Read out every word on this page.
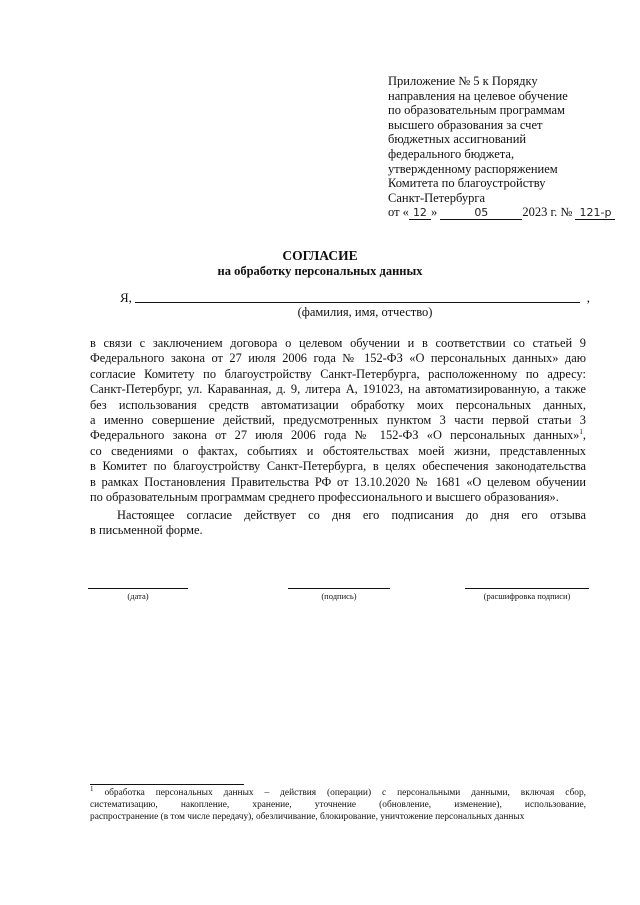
Приложение № 5 к Порядку
направления на целевое обучение
по образовательным программам
высшего образования за счет
бюджетных ассигнований
федерального бюджета,
утвержденному распоряжением
Комитета по благоустройству
Санкт-Петербурга
от « 12 »	05	2023 г. № 121-р
СОГЛАСИЕ
на обработку персональных данных
Я,	,
(фамилия, имя, отчество)
в связи с заключением договора о целевом обучении и в соответствии со статьей 9
Федерального закона от 27 июля 2006 года № 152-ФЗ «О персональных данных» даю
согласие Комитету по благоустройству Санкт-Петербурга, расположенному по адресу:
Санкт-Петербург, ул. Караванная, д. 9, литера А, 191023, на автоматизированную, а также
без использования средств автоматизации обработку моих персональных данных,
а именно совершение действий, предусмотренных пунктом 3 части первой статьи 3
Федерального закона от 27 июля 2006 года № 152-ФЗ «О персональных данных»$^1$,
со сведениями о фактах, событиях и обстоятельствах моей жизни, представленных
в Комитет по благоустройству Санкт-Петербурга, в целях обеспечения законодательства
в рамках Постановления Правительства РФ от 13.10.2020 № 1681 «О целевом обучении
по образовательным программам среднего профессионального и высшего образования».
Настоящее согласие действует со дня его подписания до дня его отзыва
в письменной форме.
(дата)	(подпись)	(расшифровка подписи)
$^1$ обработка персональных данных – действия (операции) с персональными данными, включая сбор,
систематизацию, накопление, хранение, уточнение (обновление, изменение), использование,
распространение (в том числе передачу), обезличивание, блокирование, уничтожение персональных данных
